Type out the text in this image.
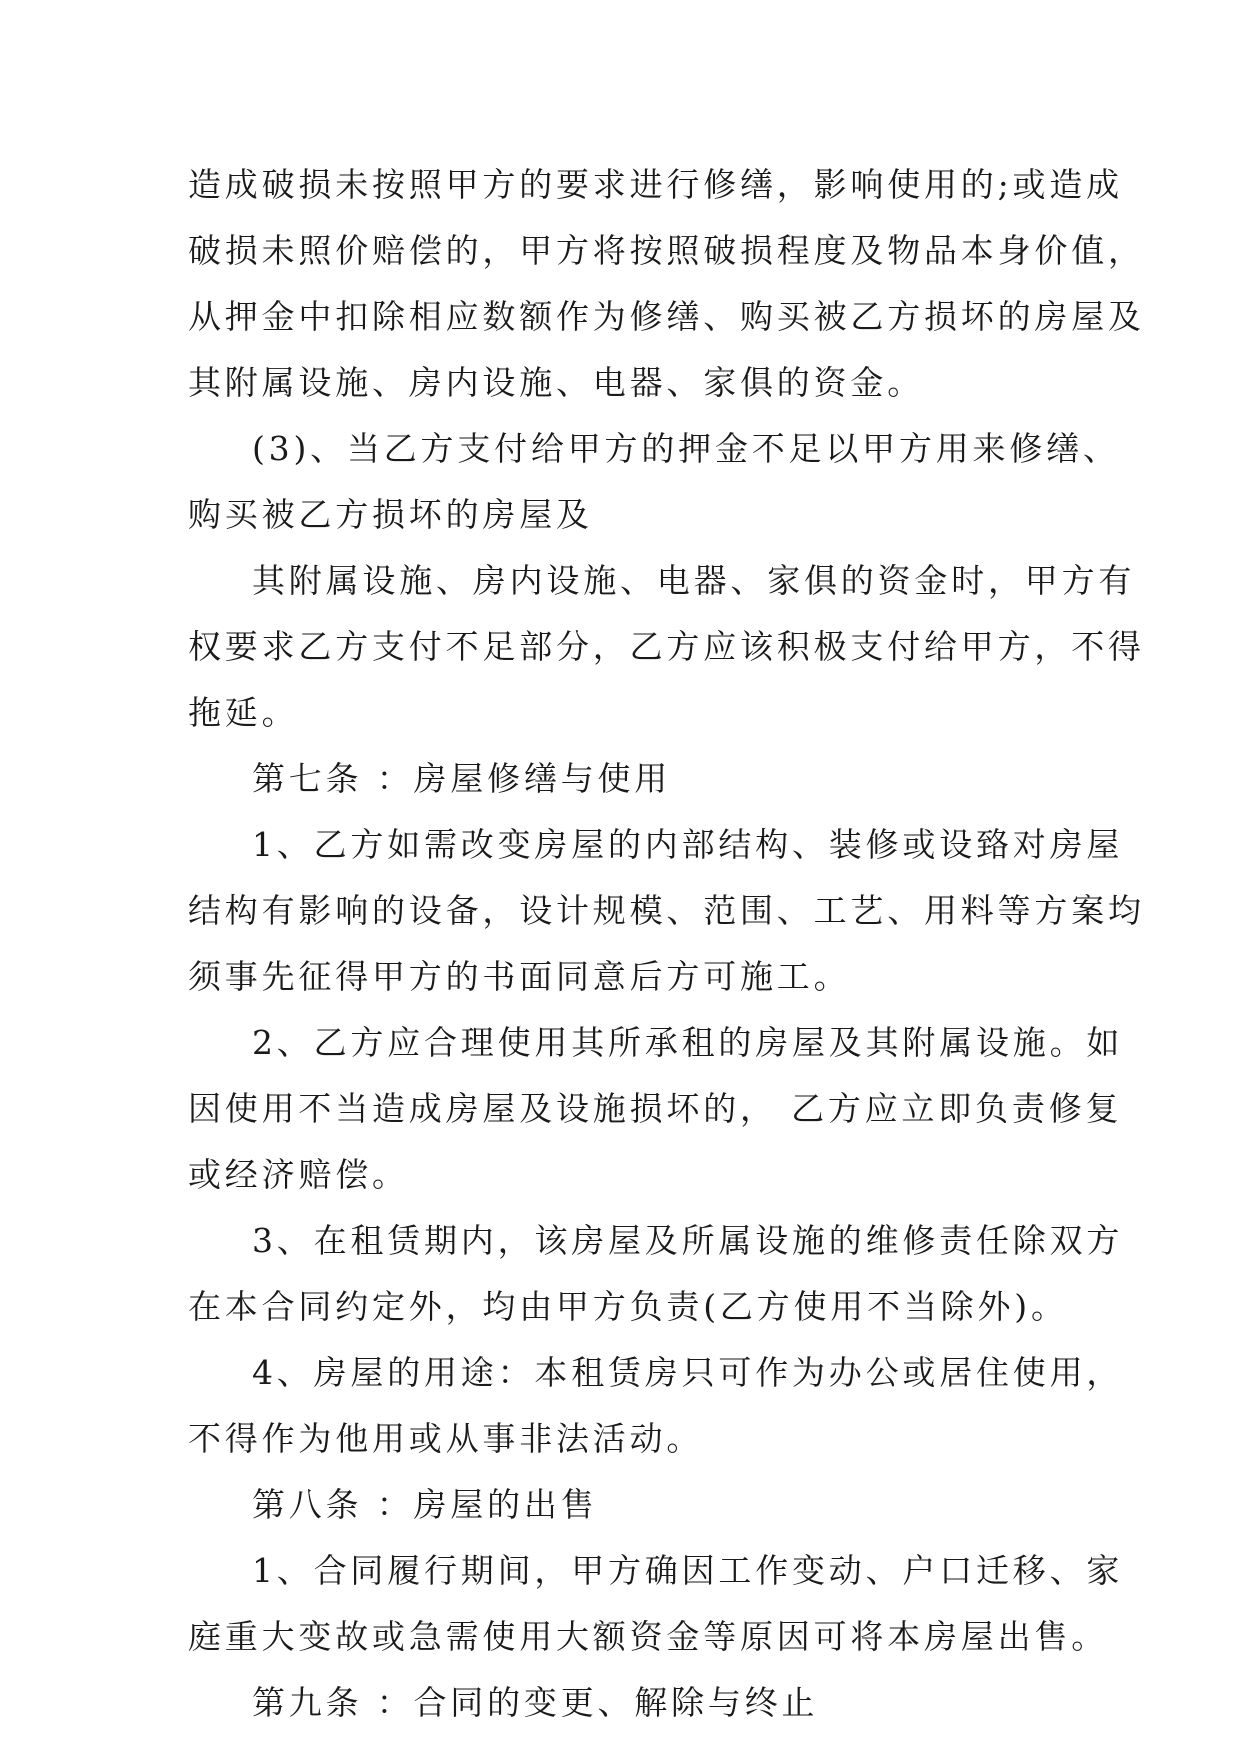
造成破损未按照甲方的要求进行修缮，影响使用的;或造成
破损未照价赔偿的，甲方将按照破损程度及物品本身价值，
从押金中扣除相应数额作为修缮、购买被乙方损坏的房屋及
其附属设施、房内设施、电器、家俱的资金。
(3)、当乙方支付给甲方的押金不足以甲方用来修缮、
购买被乙方损坏的房屋及
其附属设施、房内设施、电器、家俱的资金时，甲方有
权要求乙方支付不足部分，乙方应该积极支付给甲方，不得
拖延。
第七条 ：房屋修缮与使用
1、乙方如需改变房屋的内部结构、装修或设臵对房屋
结构有影响的设备，设计规模、范围、工艺、用料等方案均
须事先征得甲方的书面同意后方可施工。
2、乙方应合理使用其所承租的房屋及其附属设施。如
因使用不当造成房屋及设施损坏的， 乙方应立即负责修复
或经济赔偿。
3、在租赁期内，该房屋及所属设施的维修责任除双方
在本合同约定外，均由甲方负责(乙方使用不当除外)。
4、房屋的用途：本租赁房只可作为办公或居住使用，
不得作为他用或从事非法活动。
第八条 ：房屋的出售
1、合同履行期间，甲方确因工作变动、户口迁移、家
庭重大变故或急需使用大额资金等原因可将本房屋出售。
第九条 ：合同的变更、解除与终止
